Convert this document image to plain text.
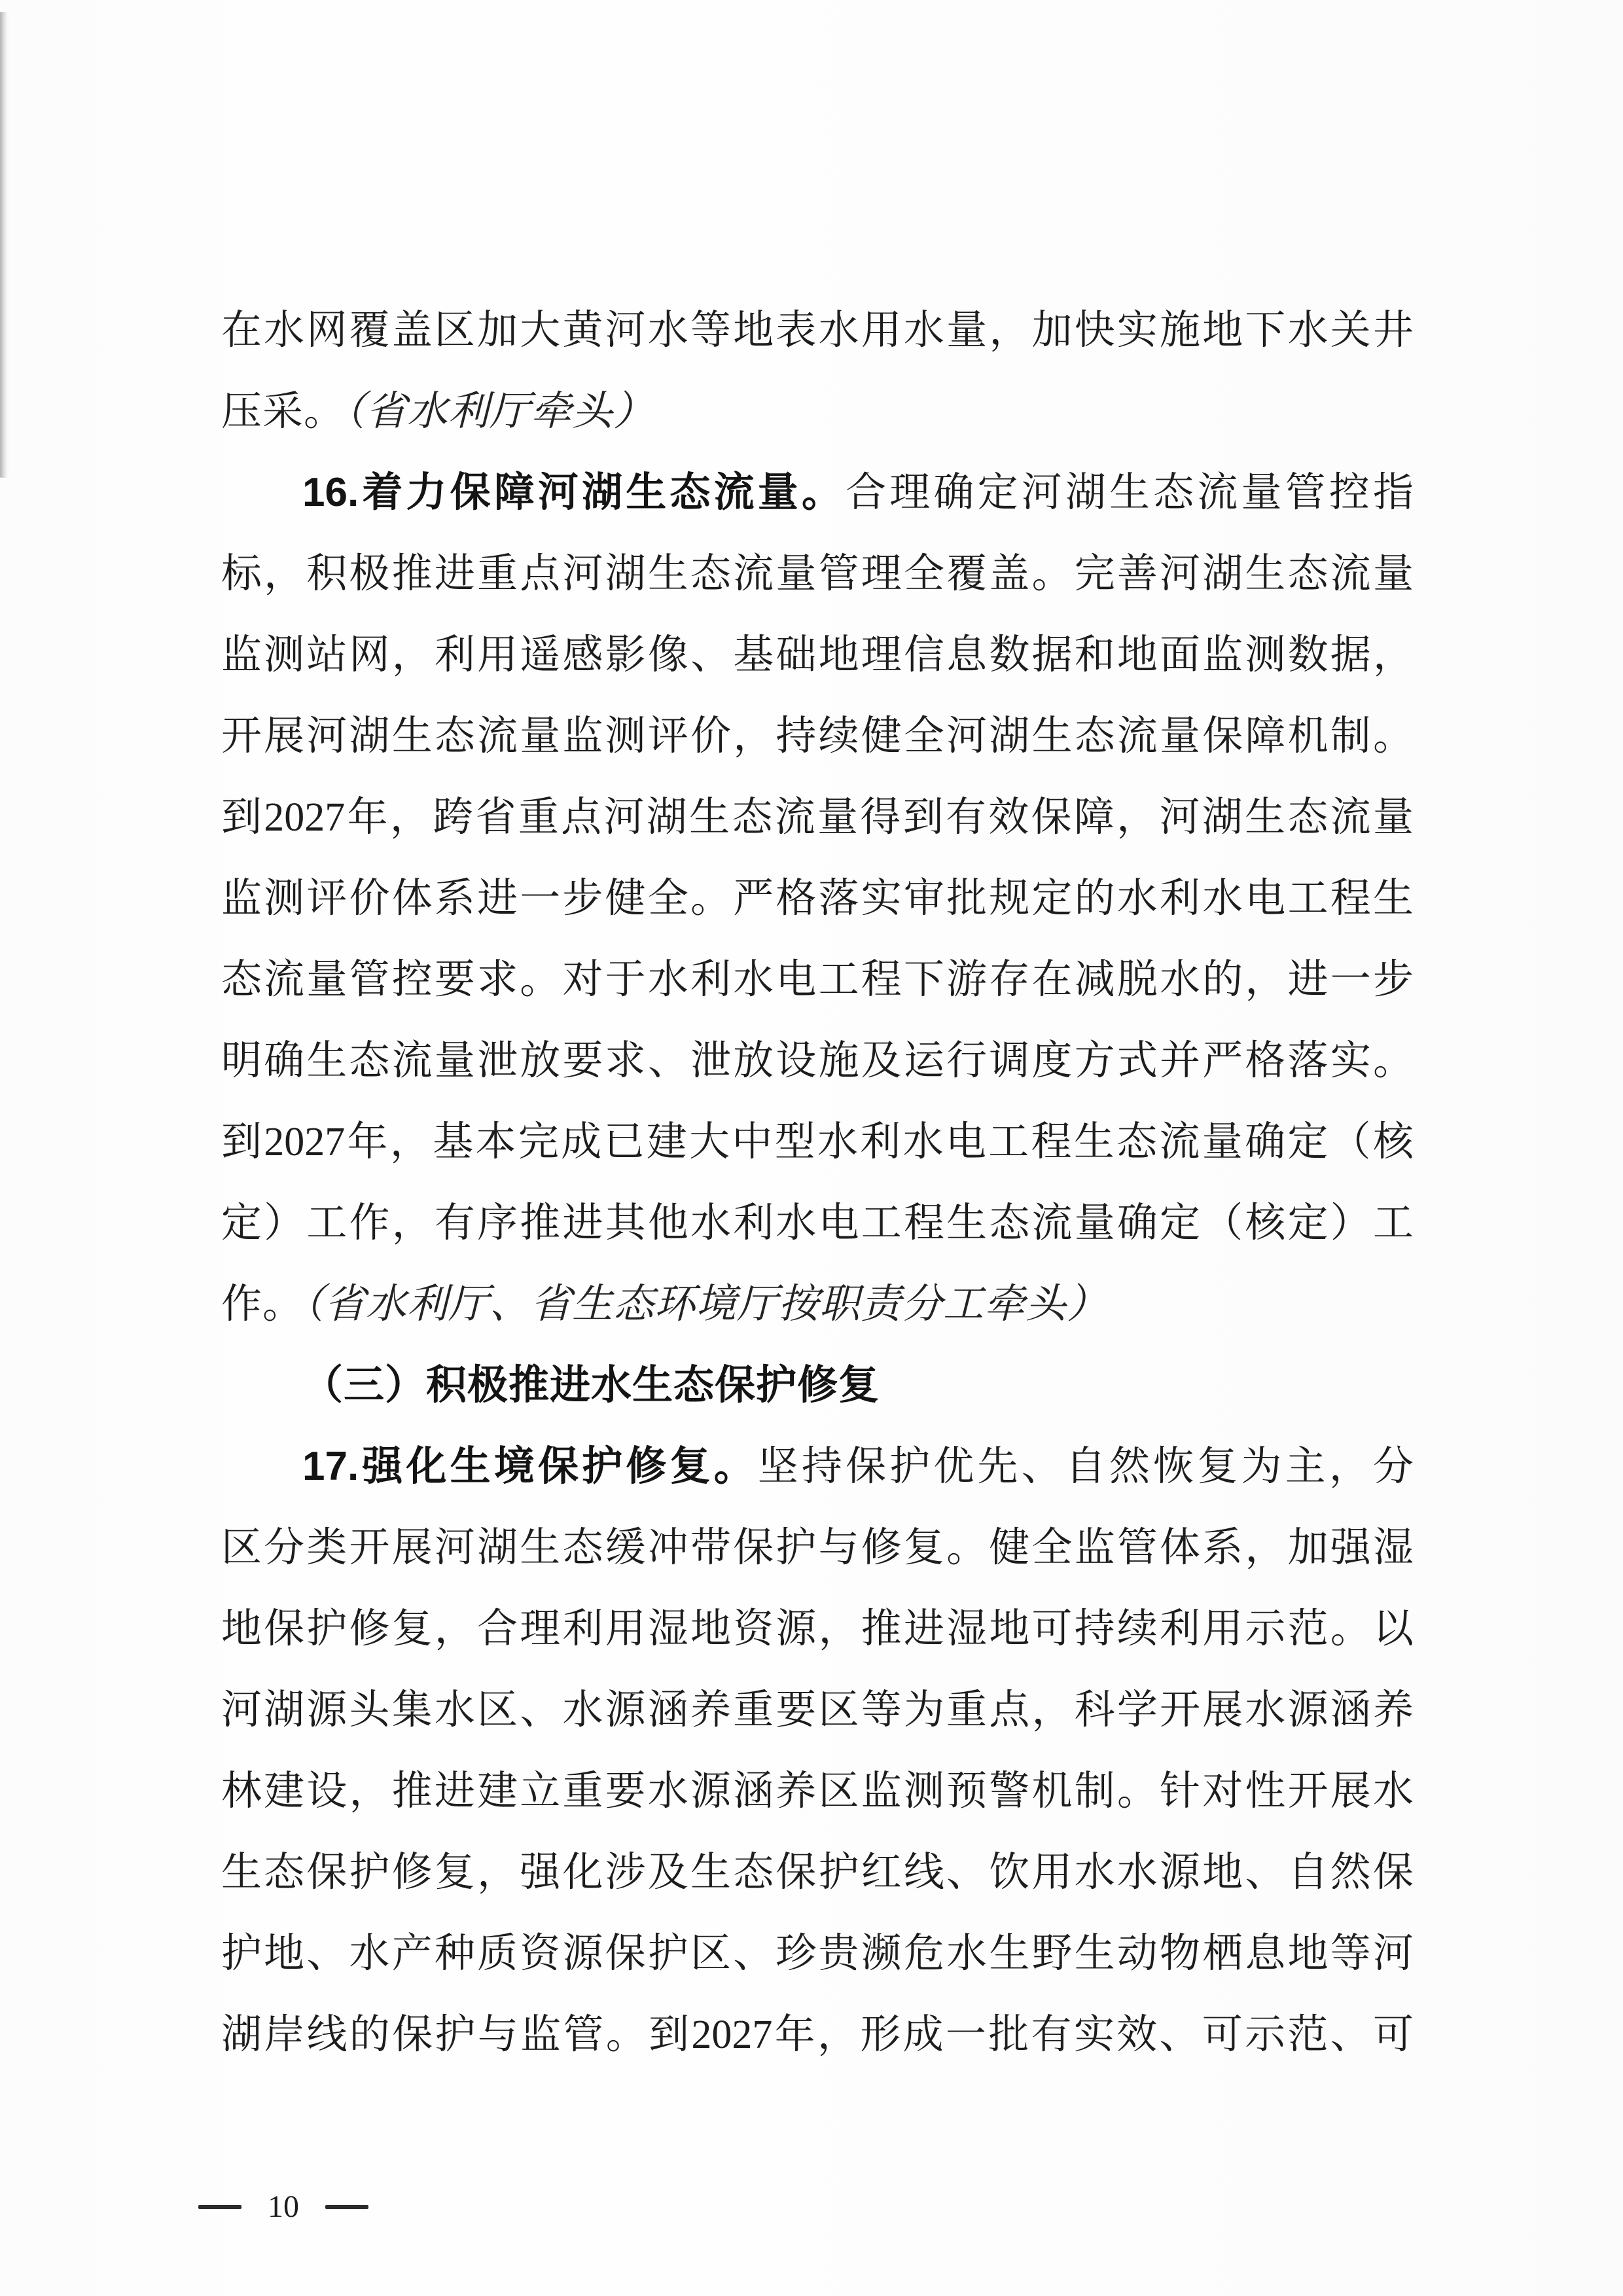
在水网覆盖区加大黄河水等地表水用水量，加快实施地下水关井
压采。（省水利厅牵头）
16.着力保障河湖生态流量。合理确定河湖生态流量管控指
标，积极推进重点河湖生态流量管理全覆盖。完善河湖生态流量
监测站网，利用遥感影像、基础地理信息数据和地面监测数据，
开展河湖生态流量监测评价，持续健全河湖生态流量保障机制。
到2027年，跨省重点河湖生态流量得到有效保障，河湖生态流量
监测评价体系进一步健全。严格落实审批规定的水利水电工程生
态流量管控要求。对于水利水电工程下游存在减脱水的，进一步
明确生态流量泄放要求、泄放设施及运行调度方式并严格落实。
到2027年，基本完成已建大中型水利水电工程生态流量确定（核
定）工作，有序推进其他水利水电工程生态流量确定（核定）工
作。（省水利厅、省生态环境厅按职责分工牵头）
（三）积极推进水生态保护修复
17.强化生境保护修复。坚持保护优先、自然恢复为主，分
区分类开展河湖生态缓冲带保护与修复。健全监管体系，加强湿
地保护修复，合理利用湿地资源，推进湿地可持续利用示范。以
河湖源头集水区、水源涵养重要区等为重点，科学开展水源涵养
林建设，推进建立重要水源涵养区监测预警机制。针对性开展水
生态保护修复，强化涉及生态保护红线、饮用水水源地、自然保
护地、水产种质资源保护区、珍贵濒危水生野生动物栖息地等河
湖岸线的保护与监管。到2027年，形成一批有实效、可示范、可
10
